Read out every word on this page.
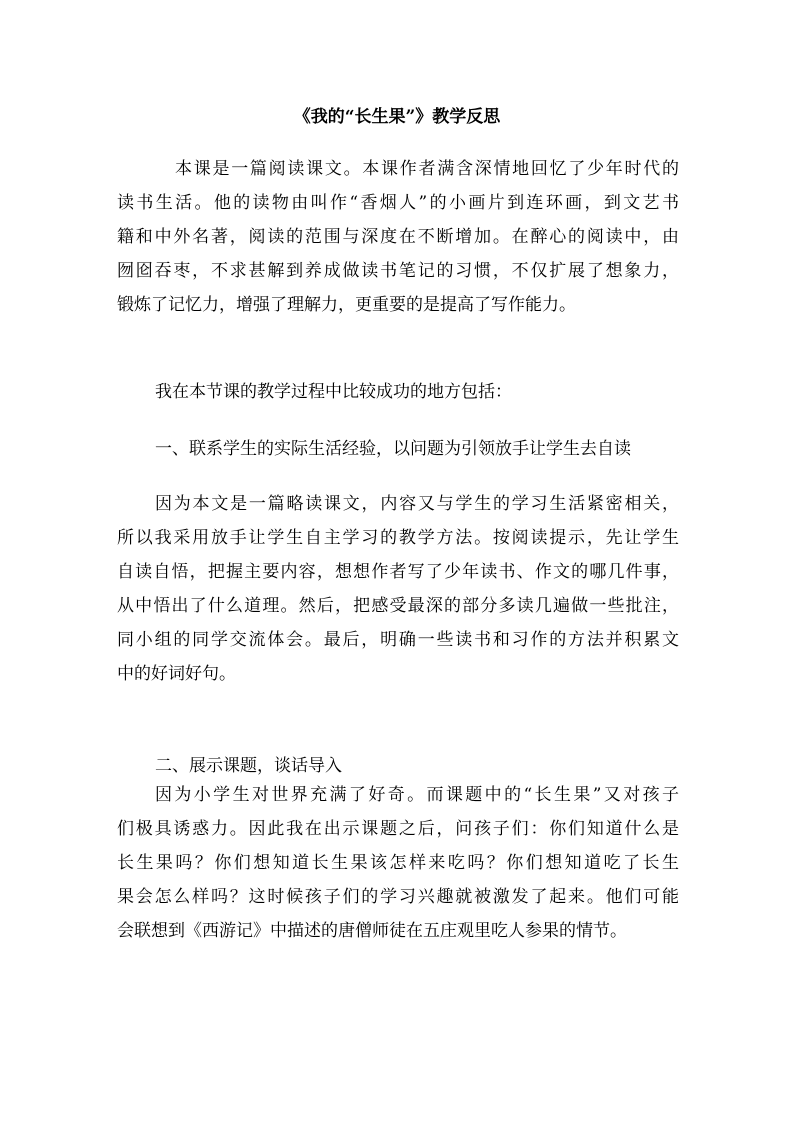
《我的“长生果”》教学反思
本课是一篇阅读课文。本课作者满含深情地回忆了少年时代的
读书生活。他的读物由叫作“香烟人”的小画片到连环画，到文艺书
籍和中外名著，阅读的范围与深度在不断增加。在醉心的阅读中，由
囫囵吞枣，不求甚解到养成做读书笔记的习惯，不仅扩展了想象力，
锻炼了记忆力，增强了理解力，更重要的是提高了写作能力。
我在本节课的教学过程中比较成功的地方包括：
一、联系学生的实际生活经验，以问题为引领放手让学生去自读
因为本文是一篇略读课文，内容又与学生的学习生活紧密相关，
所以我采用放手让学生自主学习的教学方法。按阅读提示，先让学生
自读自悟，把握主要内容，想想作者写了少年读书、作文的哪几件事，
从中悟出了什么道理。然后，把感受最深的部分多读几遍做一些批注，
同小组的同学交流体会。最后，明确一些读书和习作的方法并积累文
中的好词好句。
二、展示课题，谈话导入
因为小学生对世界充满了好奇。而课题中的“长生果”又对孩子
们极具诱惑力。因此我在出示课题之后，问孩子们：你们知道什么是
长生果吗？你们想知道长生果该怎样来吃吗？你们想知道吃了长生
果会怎么样吗？这时候孩子们的学习兴趣就被激发了起来。他们可能
会联想到《西游记》中描述的唐僧师徒在五庄观里吃人参果的情节。
